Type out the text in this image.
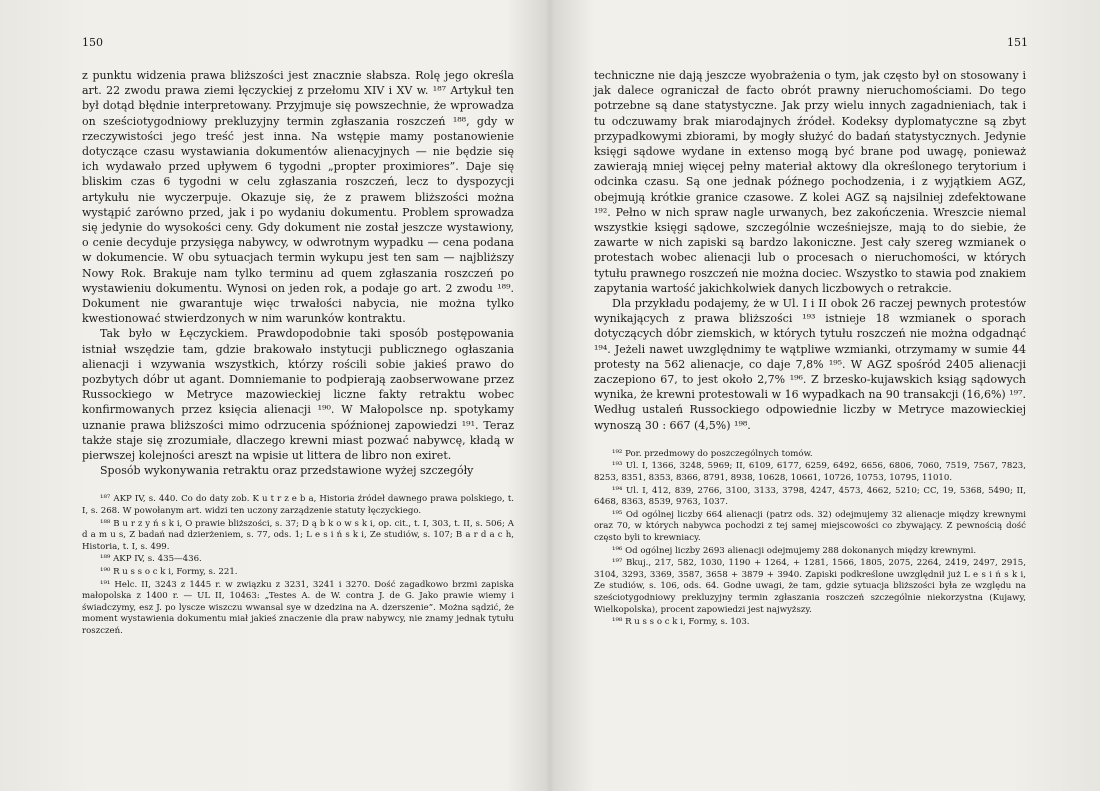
150

z punktu widzenia prawa bliższości jest znacznie słabsza. Rolę jego określa art. 22 zwodu prawa ziemi łęczyckiej z przełomu XIV i XV w. ¹⁸⁷ Artykuł ten był dotąd błędnie interpretowany. Przyjmuje się powszechnie, że wprowadza on sześciotygodniowy prekluzyjny termin zgłaszania roszczeń ¹⁸⁸, gdy w rzeczywistości jego treść jest inna. Na wstępie mamy postanowienie dotyczące czasu wystawiania dokumentów alienacyjnych — nie będzie się ich wydawało przed upływem 6 tygodni „propter proximiores”. Daje się bliskim czas 6 tygodni w celu zgłaszania roszczeń, lecz to dyspozycji artykułu nie wyczerpuje. Okazuje się, że z prawem bliższości można wystąpić zarówno przed, jak i po wydaniu dokumentu. Problem sprowadza się jedynie do wysokości ceny. Gdy dokument nie został jeszcze wystawiony, o cenie decyduje przysięga nabywcy, w odwrotnym wypadku — cena podana w dokumencie. W obu sytuacjach termin wykupu jest ten sam — najbliższy Nowy Rok. Brakuje nam tylko terminu ad quem zgłaszania roszczeń po wystawieniu dokumentu. Wynosi on jeden rok, a podaje go art. 2 zwodu ¹⁸⁹. Dokument nie gwarantuje więc trwałości nabycia, nie można tylko kwestionować stwierdzonych w nim warunków kontraktu.

Tak było w Łęczyckiem. Prawdopodobnie taki sposób postępowania istniał wszędzie tam, gdzie brakowało instytucji publicznego ogłaszania alienacji i wzywania wszystkich, którzy rościli sobie jakieś prawo do pozbytych dóbr ut agant. Domniemanie to podpierają zaobserwowane przez Russockiego w Metryce mazowieckiej liczne fakty retraktu wobec konfirmowanych przez księcia alienacji ¹⁹⁰. W Małopolsce np. spotykamy uznanie prawa bliższości mimo odrzucenia spóźnionej zapowiedzi ¹⁹¹. Teraz także staje się zrozumiałe, dlaczego krewni miast pozwać nabywcę, kładą w pierwszej kolejności areszt na wpisie ut littera de libro non exiret.

Sposób wykonywania retraktu oraz przedstawione wyżej szczegóły

¹⁸⁷ AKP IV, s. 440. Co do daty zob. K u t r z e b a, Historia źródeł dawnego prawa polskiego, t. I, s. 268. W powołanym art. widzi ten uczony zarządzenie statuty łęczyckiego.

¹⁸⁸ B u r z y ń s k i, O prawie bliższości, s. 37; D ą b k o w s k i, op. cit., t. I, 303, t. II, s. 506; A d a m u s, Z badań nad dzierżeniem, s. 77, ods. 1; L e s i ń s k i, Ze studiów, s. 107; B a r d a c h, Historia, t. I, s. 499.

¹⁸⁹ AKP IV, s. 435—436.

¹⁹⁰ R u s s o c k i, Formy, s. 221.

¹⁹¹ Helc. II, 3243 z 1445 r. w związku z 3231, 3241 i 3270. Dość zagadkowo brzmi zapiska małopolska z 1400 r. — UL II, 10463: „Testes A. de W. contra J. de G. Jako prawie wiemy i świadczymy, esz J. po lyscze wiszczu wwansal sye w dzedzina na A. dzerszenie”. Można sądzić, że moment wystawienia dokumentu miał jakieś znaczenie dla praw nabywcy, nie znamy jednak tytułu roszczeń.

151

techniczne nie dają jeszcze wyobrażenia o tym, jak często był on stosowany i jak dalece ograniczał de facto obrót prawny nieruchomościami. Do tego potrzebne są dane statystyczne. Jak przy wielu innych zagadnieniach, tak i tu odczuwamy brak miarodajnych źródeł. Kodeksy dyplomatyczne są zbyt przypadkowymi zbiorami, by mogły służyć do badań statystycznych. Jedynie księgi sądowe wydane in extenso mogą być brane pod uwagę, ponieważ zawierają mniej więcej pełny materiał aktowy dla określonego terytorium i odcinka czasu. Są one jednak późnego pochodzenia, i z wyjątkiem AGZ, obejmują krótkie granice czasowe. Z kolei AGZ są najsilniej zdefektowane ¹⁹². Pełno w nich spraw nagle urwanych, bez zakończenia. Wreszcie niemal wszystkie księgi sądowe, szczególnie wcześniejsze, mają to do siebie, że zawarte w nich zapiski są bardzo lakoniczne. Jest cały szereg wzmianek o protestach wobec alienacji lub o procesach o nieruchomości, w których tytułu prawnego roszczeń nie można dociec. Wszystko to stawia pod znakiem zapytania wartość jakichkolwiek danych liczbowych o retrakcie.

Dla przykładu podajemy, że w Ul. I i II obok 26 raczej pewnych protestów wynikających z prawa bliższości ¹⁹³ istnieje 18 wzmianek o sporach dotyczących dóbr ziemskich, w których tytułu roszczeń nie można odgadnąć ¹⁹⁴. Jeżeli nawet uwzględnimy te wątpliwe wzmianki, otrzymamy w sumie 44 protesty na 562 alienacje, co daje 7,8% ¹⁹⁵. W AGZ spośród 2405 alienacji zaczepiono 67, to jest około 2,7% ¹⁹⁶. Z brzesko-kujawskich ksiąg sądowych wynika, że krewni protestowali w 16 wypadkach na 90 transakcji (16,6%) ¹⁹⁷. Według ustaleń Russockiego odpowiednie liczby w Metryce mazowieckiej wynoszą 30 : 667 (4,5%) ¹⁹⁸.

¹⁹² Por. przedmowy do poszczególnych tomów.

¹⁹³ Ul. I, 1366, 3248, 5969; II, 6109, 6177, 6259, 6492, 6656, 6806, 7060, 7519, 7567, 7823, 8253, 8351, 8353, 8366, 8791, 8938, 10628, 10661, 10726, 10753, 10795, 11010.

¹⁹⁴ Ul. I, 412, 839, 2766, 3100, 3133, 3798, 4247, 4573, 4662, 5210; CC, 19, 5368, 5490; II, 6468, 8363, 8539, 9763, 1037.

¹⁹⁵ Od ogólnej liczby 664 alienacji (patrz ods. 32) odejmujemy 32 alienacje między krewnymi oraz 70, w których nabywca pochodzi z tej samej miejscowości co zbywający. Z pewnością dość często byli to krewniacy.

¹⁹⁶ Od ogólnej liczby 2693 alienacji odejmujemy 288 dokonanych między krewnymi.

¹⁹⁷ Bkuj., 217, 582, 1030, 1190 + 1264, + 1281, 1566, 1805, 2075, 2264, 2419, 2497, 2915, 3104, 3293, 3369, 3587, 3658 + 3879 + 3940. Zapiski podkreślone uwzględnił już L e s i ń s k i, Ze studiów, s. 106, ods. 64. Godne uwagi, że tam, gdzie sytuacja bliższości była ze względu na sześciotygodniowy prekluzyjny termin zgłaszania roszczeń szczególnie niekorzystna (Kujawy, Wielkopolska), procent zapowiedzi jest najwyższy.

¹⁹⁸ R u s s o c k i, Formy, s. 103.
